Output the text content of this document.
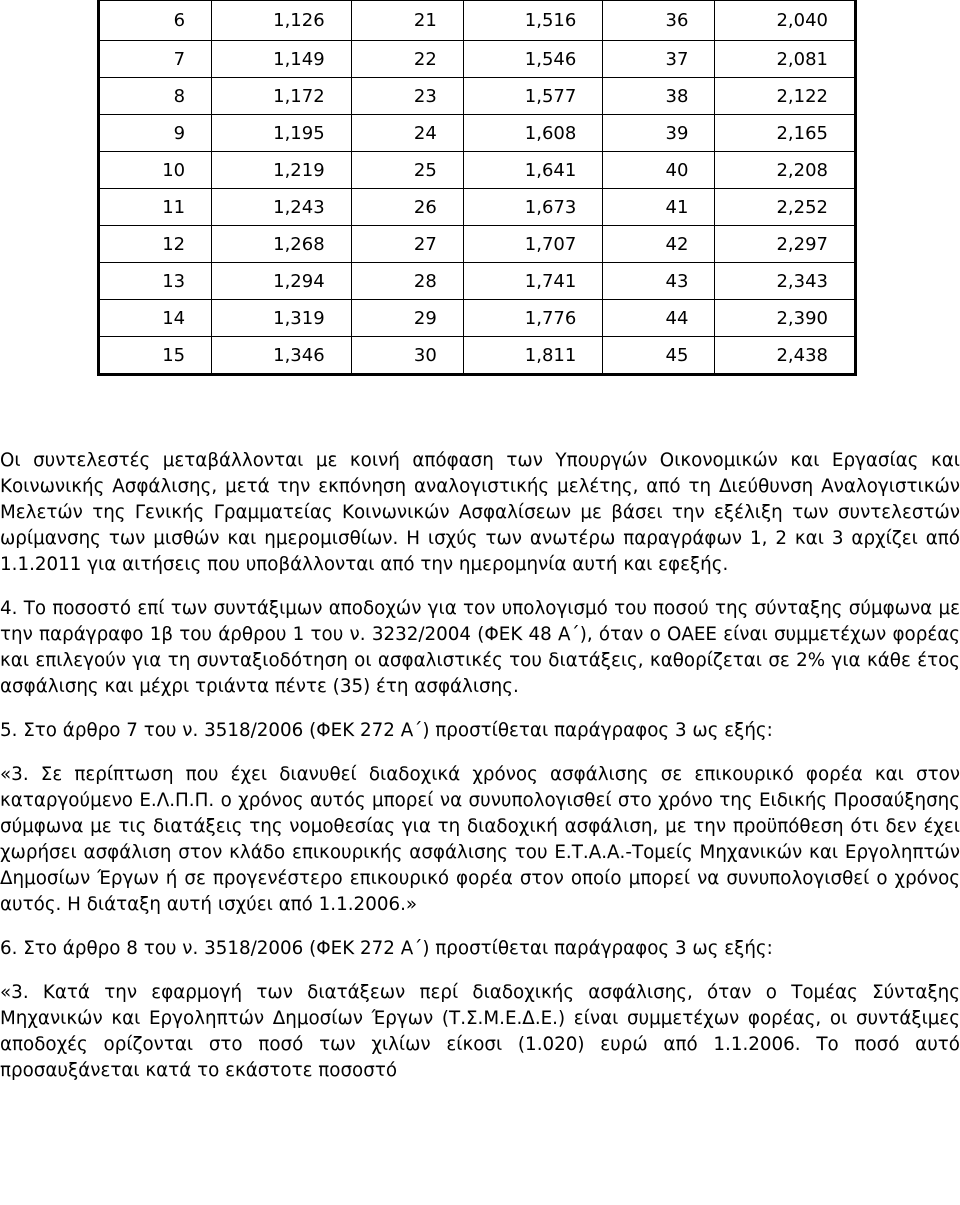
6	1,126	21	1,516	36	2,040
7	1,149	22	1,546	37	2,081
8	1,172	23	1,577	38	2,122
9	1,195	24	1,608	39	2,165
10	1,219	25	1,641	40	2,208
11	1,243	26	1,673	41	2,252
12	1,268	27	1,707	42	2,297
13	1,294	28	1,741	43	2,343
14	1,319	29	1,776	44	2,390
15	1,346	30	1,811	45	2,438

Οι συντελεστές μεταβάλλονται με κοινή απόφαση των Υπουργών Οικονομικών και Εργασίας και Κοινωνικής Ασφάλισης, μετά την εκπόνηση αναλογιστικής μελέτης, από τη Διεύθυνση Αναλογιστικών Μελετών της Γενικής Γραμματείας Κοινωνικών Ασφαλίσεων με βάσει την εξέλιξη των συντελεστών ωρίμανσης των μισθών και ημερομισθίων. Η ισχύς των ανωτέρω παραγράφων 1, 2 και 3 αρχίζει από 1.1.2011 για αιτήσεις που υποβάλλονται από την ημερομηνία αυτή και εφεξής.

4. Το ποσοστό επί των συντάξιμων αποδοχών για τον υπολογισμό του ποσού της σύνταξης σύμφωνα με την παράγραφο 1β του άρθρου 1 του ν. 3232/2004 (ΦΕΚ 48 Α΄), όταν ο ΟΑΕΕ είναι συμμετέχων φορέας και επιλεγούν για τη συνταξιοδότηση οι ασφαλιστικές του διατάξεις, καθορίζεται σε 2% για κάθε έτος ασφάλισης και μέχρι τριάντα πέντε (35) έτη ασφάλισης.

5. Στο άρθρο 7 του ν. 3518/2006 (ΦΕΚ 272 Α΄) προστίθεται παράγραφος 3 ως εξής:

«3. Σε περίπτωση που έχει διανυθεί διαδοχικά χρόνος ασφάλισης σε επικουρικό φορέα και στον καταργούμενο Ε.Λ.Π.Π. ο χρόνος αυτός μπορεί να συνυπολογισθεί στο χρόνο της Ειδικής Προσαύξησης σύμφωνα με τις διατάξεις της νομοθεσίας για τη διαδοχική ασφάλιση, με την προϋπόθεση ότι δεν έχει χωρήσει ασφάλιση στον κλάδο επικουρικής ασφάλισης του Ε.Τ.Α.Α.-Τομείς Μηχανικών και Εργοληπτών Δημοσίων Έργων ή σε προγενέστερο επικουρικό φορέα στον οποίο μπορεί να συνυπολογισθεί ο χρόνος αυτός. Η διάταξη αυτή ισχύει από 1.1.2006.»

6. Στο άρθρο 8 του ν. 3518/2006 (ΦΕΚ 272 Α΄) προστίθεται παράγραφος 3 ως εξής:

«3. Κατά την εφαρμογή των διατάξεων περί διαδοχικής ασφάλισης, όταν ο Τομέας Σύνταξης Μηχανικών και Εργοληπτών Δημοσίων Έργων (Τ.Σ.Μ.Ε.Δ.Ε.) είναι συμμετέχων φορέας, οι συντάξιμες αποδοχές ορίζονται στο ποσό των χιλίων είκοσι (1.020) ευρώ από 1.1.2006. Το ποσό αυτό προσαυξάνεται κατά το εκάστοτε ποσοστό
